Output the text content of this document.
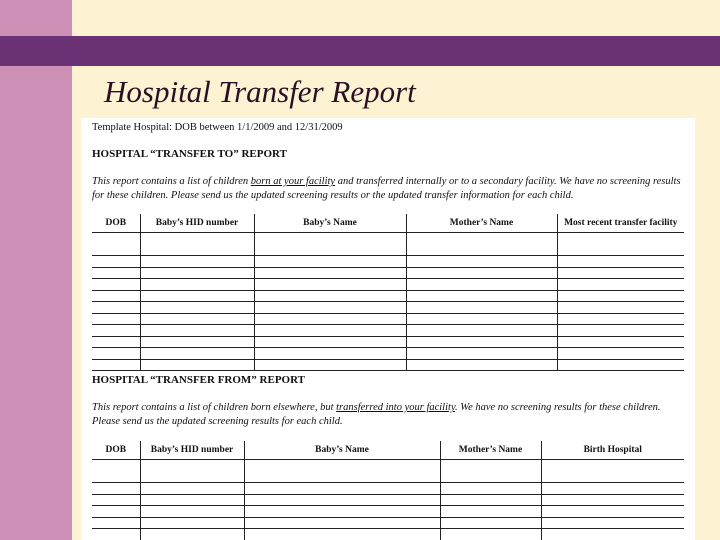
Hospital Transfer Report
Template Hospital: DOB between 1/1/2009 and 12/31/2009
HOSPITAL “TRANSFER TO” REPORT

This report contains a list of children born at your facility and transferred internally or to a secondary facility. We have no screening results for these children. Please send us the updated screening results or the updated transfer information for each child.

DOB	Baby’s HID number	Baby’s Name	Mother’s Name	Most recent transfer facility

HOSPITAL “TRANSFER FROM” REPORT

This report contains a list of children born elsewhere, but transferred into your facility. We have no screening results for these children. Please send us the updated screening results for each child.

DOB	Baby’s HID number	Baby’s Name	Mother’s Name	Birth Hospital
